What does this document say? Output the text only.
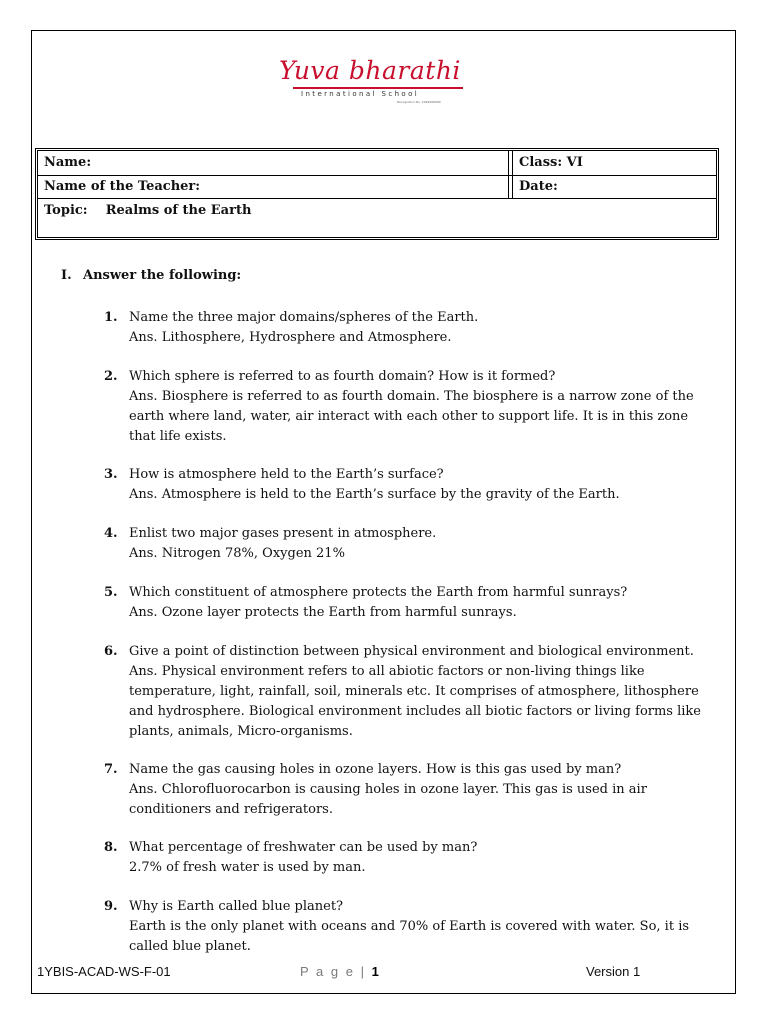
Yuva bharathi
International School
Recognition No. 1999999999
Name:	Class: VI
Name of the Teacher:	Date:
Topic:    Realms of the Earth
I. Answer the following:
1. Name the three major domains/spheres of the Earth.
Ans. Lithosphere, Hydrosphere and Atmosphere.
2. Which sphere is referred to as fourth domain? How is it formed?
Ans. Biosphere is referred to as fourth domain. The biosphere is a narrow zone of the earth where land, water, air interact with each other to support life. It is in this zone that life exists.
3. How is atmosphere held to the Earth’s surface?
Ans. Atmosphere is held to the Earth’s surface by the gravity of the Earth.
4. Enlist two major gases present in atmosphere.
Ans. Nitrogen 78%, Oxygen 21%
5. Which constituent of atmosphere protects the Earth from harmful sunrays?
Ans. Ozone layer protects the Earth from harmful sunrays.
6. Give a point of distinction between physical environment and biological environment.
Ans. Physical environment refers to all abiotic factors or non-living things like temperature, light, rainfall, soil, minerals etc. It comprises of atmosphere, lithosphere and hydrosphere. Biological environment includes all biotic factors or living forms like plants, animals, Micro-organisms.
7. Name the gas causing holes in ozone layers. How is this gas used by man?
Ans. Chlorofluorocarbon is causing holes in ozone layer. This gas is used in air conditioners and refrigerators.
8. What percentage of freshwater can be used by man?
2.7% of fresh water is used by man.
9. Why is Earth called blue planet?
Earth is the only planet with oceans and 70% of Earth is covered with water. So, it is called blue planet.
1YBIS-ACAD-WS-F-01	P a g e | 1	Version 1
